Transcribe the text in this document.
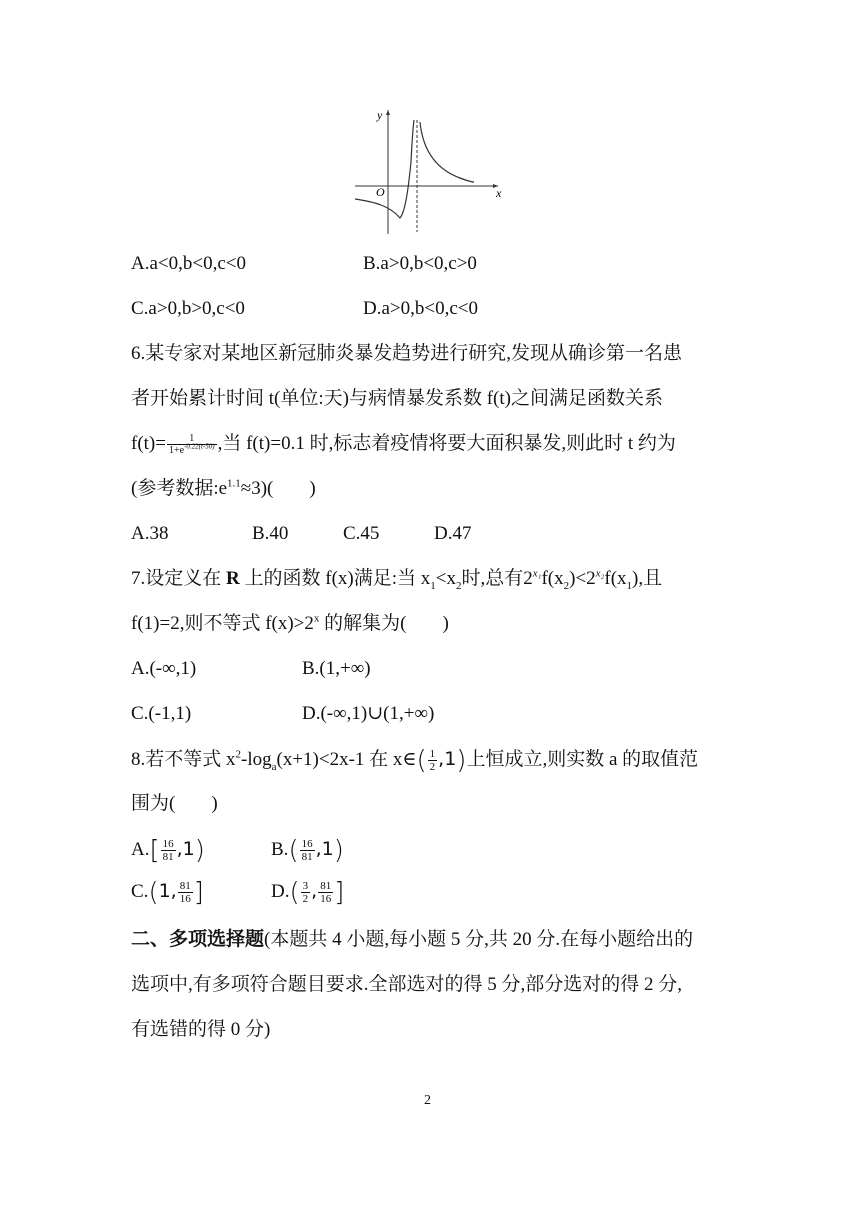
y
x
O
A.a<0,b<0,c<0	B.a>0,b<0,c>0
C.a>0,b>0,c<0	D.a>0,b<0,c<0
6.某专家对某地区新冠肺炎暴发趋势进行研究,发现从确诊第一名患
者开始累计时间 t(单位:天)与病情暴发系数 f(t)之间满足函数关系
$f(t)= \frac{1}{1+e^{-0.22(t-50)}}$ ,当 f(t)=0.1 时,标志着疫情将要大面积暴发,则此时 t 约为
(参考数据$:e^{1.1}\approx 3$)( )
A.38	B.40	C.45	D.47
7.设定义在 R 上的函数 f(x)满足:当 $x_1<x_2$时,总有$2^{x_1}f(x_2)<2^{x_2}f(x_1)$,且
f(1)=2,则不等式 $f(x)>2^x$ 的解集为( )
A.(-∞,1)	B.(1,+∞)
C.(-1,1)	D.(-∞,1)∪(1,+∞)
8.若不等式 $x^2-\log_a(x+1)<2x-1$ 在 x∈( $\frac{1}{2} ,1$)上恒成立,则实数 a 的取值范
围为( )
$A.[ \frac{16}{81} ,1)$	$B.( \frac{16}{81} ,1)$
C.(1, $\frac{81}{16}$ ]	$D.( \frac{3}{2}$ , $\frac{81}{16}$ ]
二、多项选择题(本题共 4 小题,每小题 5 分,共 20 分.在每小题给出的
选项中,有多项符合题目要求.全部选对的得 5 分,部分选对的得 2 分,
有选错的得 0 分)
2
